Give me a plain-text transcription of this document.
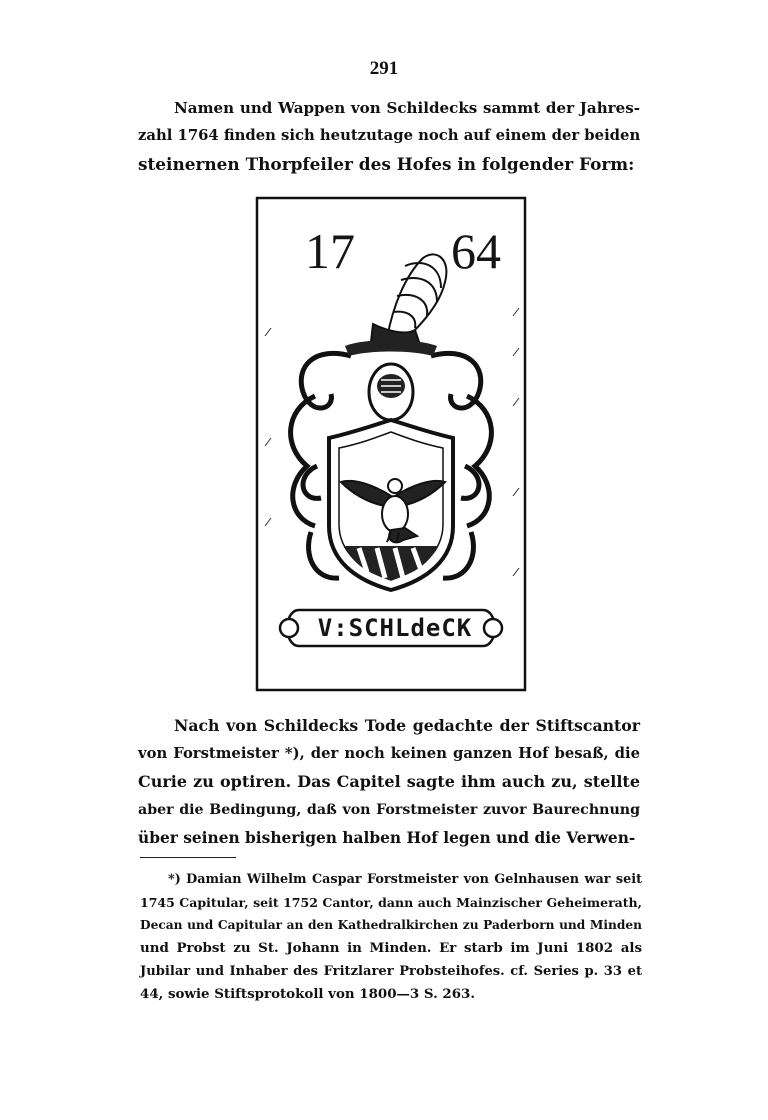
291
Namen und Wappen von Schildecks sammt der Jahres-
zahl 1764 finden sich heutzutage noch auf einem der beiden
steinernen Thorpfeiler des Hofes in folgender Form:
17 64
V:SCHLdeCK
Nach von Schildecks Tode gedachte der Stiftscantor
von Forstmeister *), der noch keinen ganzen Hof besaß, die
Curie zu optiren. Das Capitel sagte ihm auch zu, stellte
aber die Bedingung, daß von Forstmeister zuvor Baurechnung
über seinen bisherigen halben Hof legen und die Verwen-
*) Damian Wilhelm Caspar Forstmeister von Gelnhausen war seit
1745 Capitular, seit 1752 Cantor, dann auch Mainzischer Geheimerath,
Decan und Capitular an den Kathedralkirchen zu Paderborn und Minden
und Probst zu St. Johann in Minden. Er starb im Juni 1802 als
Jubilar und Inhaber des Fritzlarer Probsteihofes. cf. Series p. 33 et
44, sowie Stiftsprotokoll von 1800—3 S. 263.
